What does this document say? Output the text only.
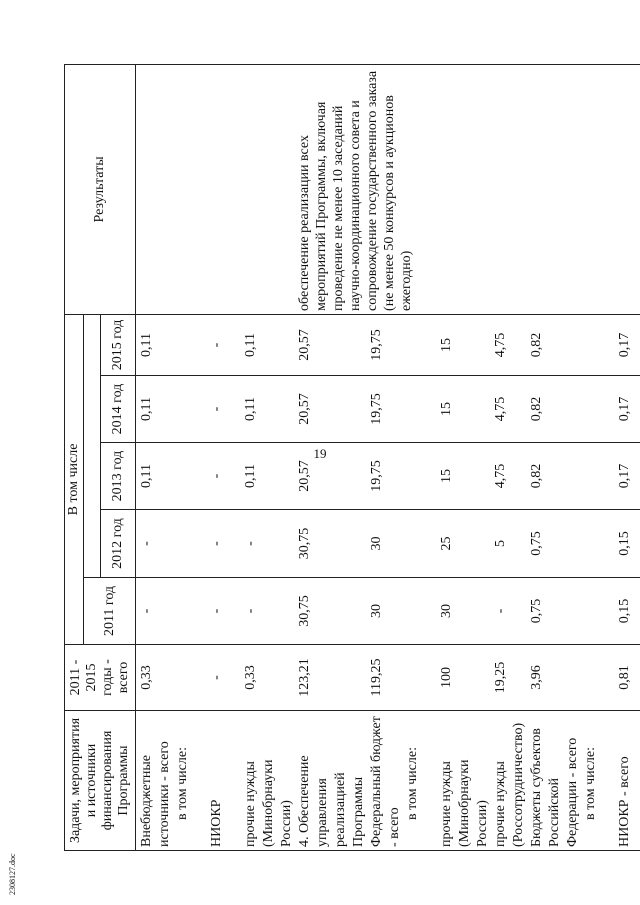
19
Задачи, мероприятия и источники финансирования Программы	2011 - 2015 годы - всего	В том числе					Результаты
		2011 год					
			2012 год	2013 год	2014 год	2015 год	

Внебюджетные источники - всего	0,33	-	-	0,11	0,11	0,11	
в том числе:							
НИОКР	-	-	-	-	-	-	
прочие нужды (Минобрнауки России)	0,33	-	-	0,11	0,11	0,11	
4. Обеспечение управления реализацией Программы	123,21	30,75	30,75	20,57	20,57	20,57	обеспечение реализации всех мероприятий Программы, включая проведение не менее 10 заседаний научно-координационного совета и сопровождение государственного заказа (не менее 50 конкурсов и аукционов ежегодно)
Федеральный бюджет - всего	119,25	30	30	19,75	19,75	19,75	
в том числе:							
прочие нужды (Минобрнауки России)	100	30	25	15	15	15	
прочие нужды (Россотрудничество)	19,25	-	5	4,75	4,75	4,75	
Бюджеты субъектов Российской Федерации - всего	3,96	0,75	0,75	0,82	0,82	0,82	
в том числе:							
НИОКР - всего	0,81	0,15	0,15	0,17	0,17	0,17	
2308127.doc
